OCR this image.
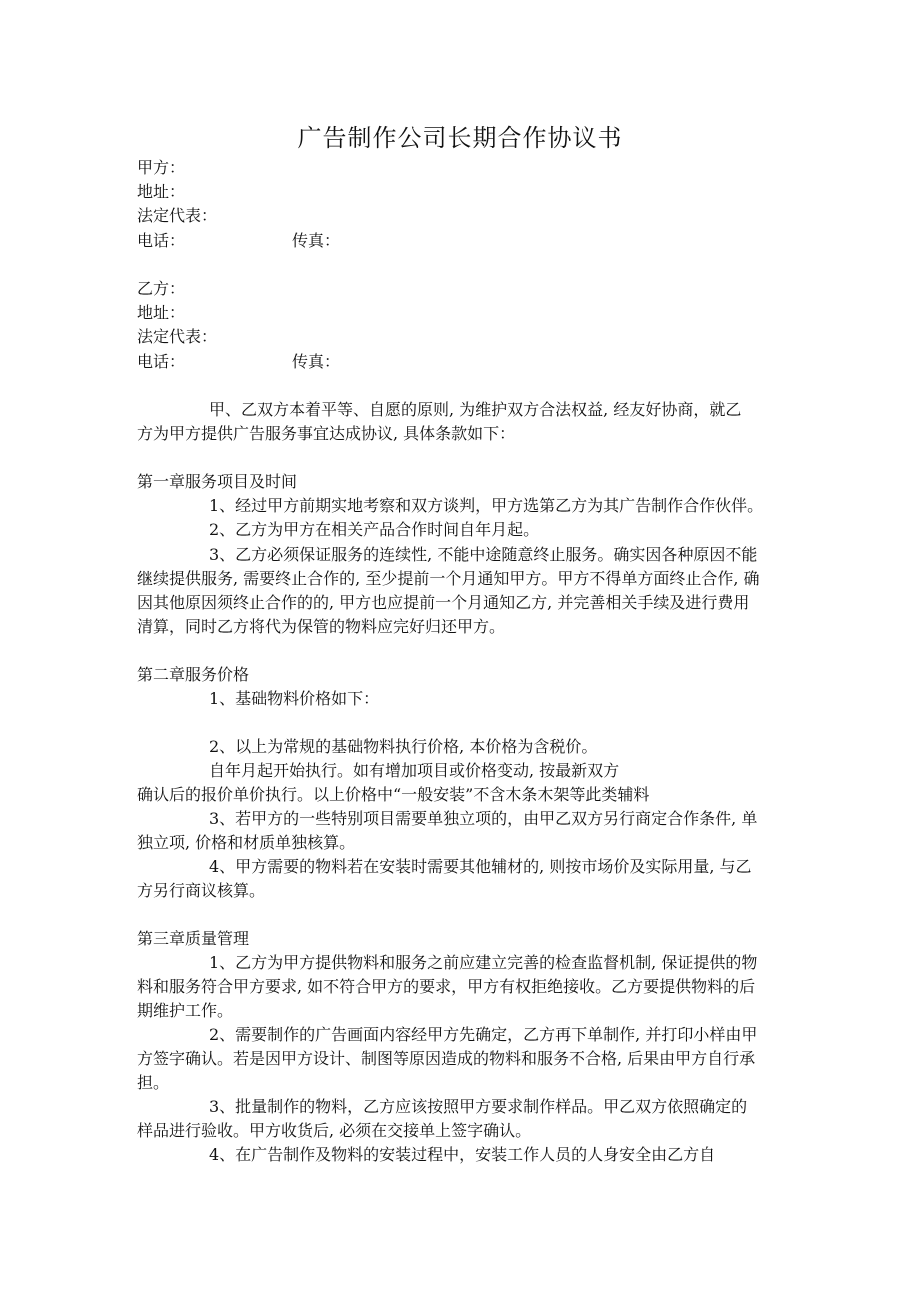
广告制作公司长期合作协议书
甲方：
地址：
法定代表：
电话：	传真：
乙方：
地址：
法定代表：
电话：	传真：
甲、乙双方本着平等、自愿的原则, 为维护双方合法权益, 经友好协商，就乙
方为甲方提供广告服务事宜达成协议, 具体条款如下：
第一章服务项目及时间
1、经过甲方前期实地考察和双方谈判，甲方选第乙方为其广告制作合作伙伴。
2、乙方为甲方在相关产品合作时间自年月起。
3、乙方必须保证服务的连续性, 不能中途随意终止服务。确实因各种原因不能
继续提供服务, 需要终止合作的, 至少提前一个月通知甲方。甲方不得单方面终止合作, 确
因其他原因须终止合作的的, 甲方也应提前一个月通知乙方, 并完善相关手续及进行费用
清算，同时乙方将代为保管的物料应完好归还甲方。
第二章服务价格
1、基础物料价格如下：
2、以上为常规的基础物料执行价格, 本价格为含税价。
自年月起开始执行。如有增加项目或价格变动, 按最新双方
确认后的报价单价执行。以上价格中“一般安装”不含木条木架等此类辅料
3、若甲方的一些特别项目需要单独立项的，由甲乙双方另行商定合作条件, 单
独立项, 价格和材质单独核算。
4、甲方需要的物料若在安装时需要其他辅材的, 则按市场价及实际用量, 与乙
方另行商议核算。
第三章质量管理
1、乙方为甲方提供物料和服务之前应建立完善的检查监督机制, 保证提供的物
料和服务符合甲方要求, 如不符合甲方的要求，甲方有权拒绝接收。乙方要提供物料的后
期维护工作。
2、需要制作的广告画面内容经甲方先确定，乙方再下单制作, 并打印小样由甲
方签字确认。若是因甲方设计、制图等原因造成的物料和服务不合格, 后果由甲方自行承
担。
3、批量制作的物料，乙方应该按照甲方要求制作样品。甲乙双方依照确定的
样品进行验收。甲方收货后, 必须在交接单上签字确认。
4、在广告制作及物料的安装过程中，安装工作人员的人身安全由乙方自
